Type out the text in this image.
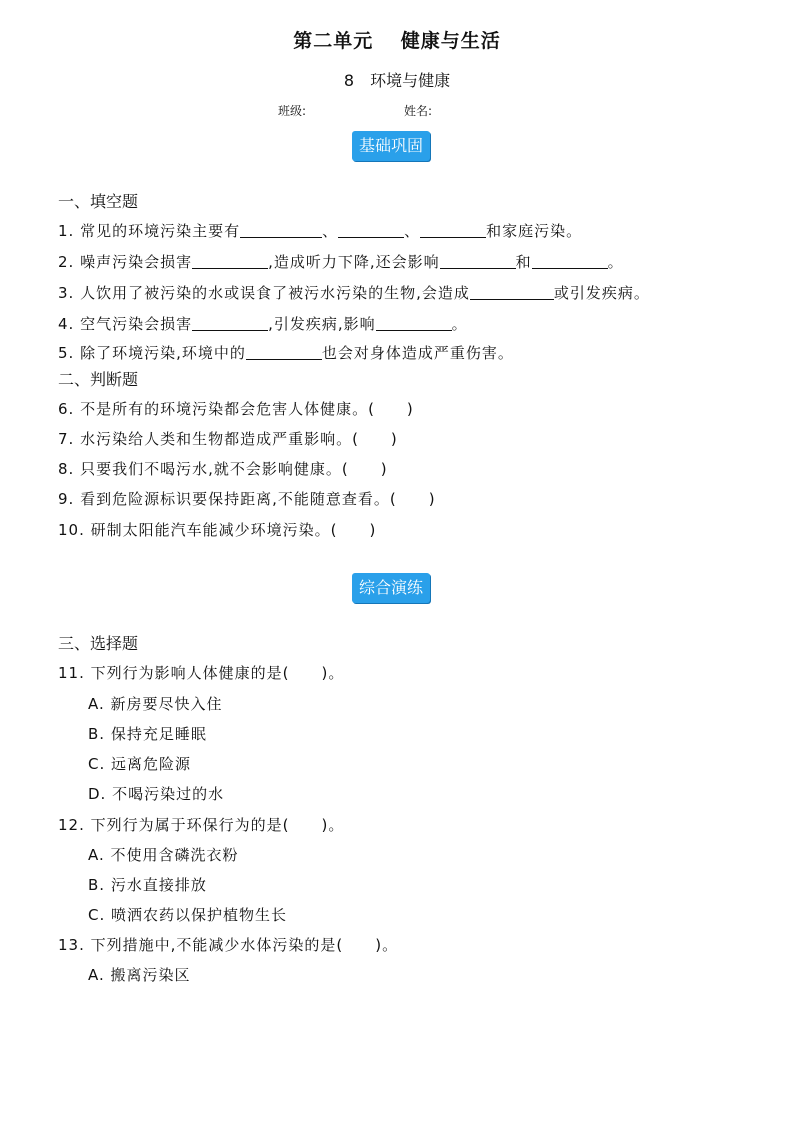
第二单元　 健康与生活
8　环境与健康
班级:	姓名:
基础巩固
一、填空题
1. 常见的环境污染主要有	、	、	和家庭污染。
2. 噪声污染会损害	,造成听力下降,还会影响	和	。
3. 人饮用了被污染的水或误食了被污水污染的生物,会造成	或引发疾病。
4. 空气污染会损害	,引发疾病,影响	。
5. 除了环境污染,环境中的	也会对身体造成严重伤害。
二、判断题
6. 不是所有的环境污染都会危害人体健康。(　　)
7. 水污染给人类和生物都造成严重影响。(　　)
8. 只要我们不喝污水,就不会影响健康。(　　)
9. 看到危险源标识要保持距离,不能随意查看。(　　)
10. 研制太阳能汽车能减少环境污染。(　　)
综合演练
三、选择题
11. 下列行为影响人体健康的是(　　)。
A. 新房要尽快入住
B. 保持充足睡眠
C. 远离危险源
D. 不喝污染过的水
12. 下列行为属于环保行为的是(　　)。
A. 不使用含磷洗衣粉
B. 污水直接排放
C. 喷洒农药以保护植物生长
13. 下列措施中,不能减少水体污染的是(　　)。
A. 搬离污染区
